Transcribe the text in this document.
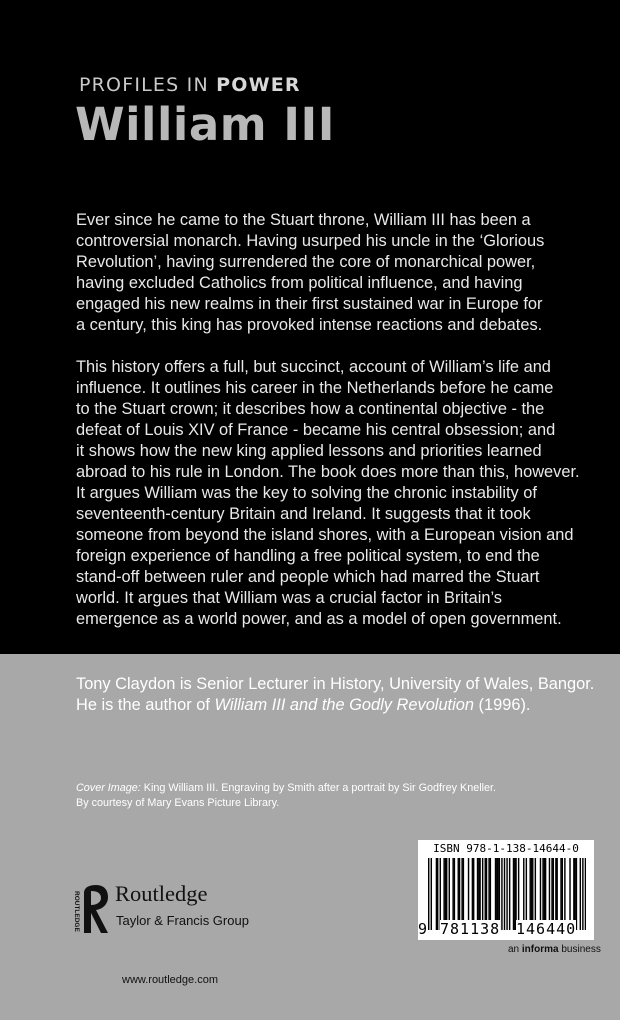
PROFILES IN POWER
William III

Ever since he came to the Stuart throne, William III has been a
controversial monarch. Having usurped his uncle in the ‘Glorious
Revolution’, having surrendered the core of monarchical power,
having excluded Catholics from political influence, and having
engaged his new realms in their first sustained war in Europe for
a century, this king has provoked intense reactions and debates.

This history offers a full, but succinct, account of William’s life and
influence. It outlines his career in the Netherlands before he came
to the Stuart crown; it describes how a continental objective - the
defeat of Louis XIV of France - became his central obsession; and
it shows how the new king applied lessons and priorities learned
abroad to his rule in London. The book does more than this, however.
It argues William was the key to solving the chronic instability of
seventeenth-century Britain and Ireland. It suggests that it took
someone from beyond the island shores, with a European vision and
foreign experience of handling a free political system, to end the
stand-off between ruler and people which had marred the Stuart
world. It argues that William was a crucial factor in Britain’s
emergence as a world power, and as a model of open government.

Tony Claydon is Senior Lecturer in History, University of Wales, Bangor.

He is the author of William III and the Godly Revolution (1996).

Cover Image: King William III. Engraving by Smith after a portrait by Sir Godfrey Kneller.

By courtesy of Mary Evans Picture Library.

ROUTLEDGE Routledge
Taylor & Francis Group
www.routledge.com
ISBN 978-1-138-14644-0
9 781138 146440
an informa business
